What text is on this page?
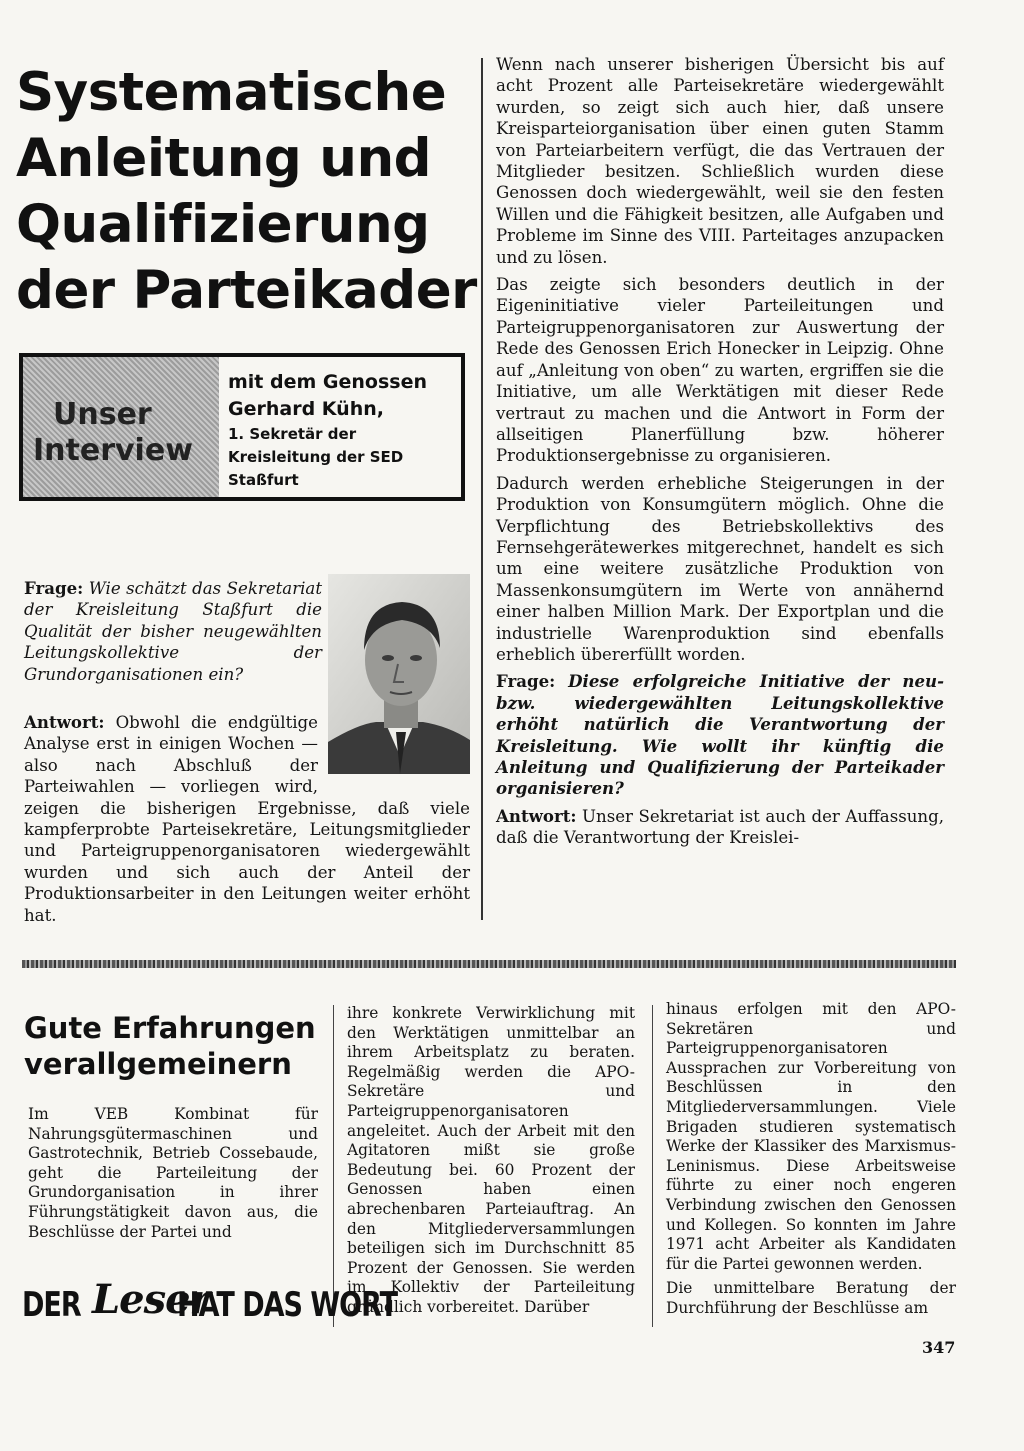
Systematische
Anleitung und
Qualifizierung
der Parteikader
Unser
Interview
mit dem Genossen
Gerhard Kühn,
1. Sekretär der
Kreisleitung der SED
Staßfurt
Frage: Wie schätzt das Sekretariat der Kreisleitung Staßfurt die Qualität der bisher neugewählten Leitungskollektive der Grundorganisationen ein?
Antwort: Obwohl die endgültige Analyse erst in einigen Wochen — also nach Abschluß der Parteiwahlen — vorliegen wird, zeigen die bisherigen Ergebnisse, daß viele kampferprobte Parteisekretäre, Leitungsmitglieder und Parteigruppenorganisatoren wiedergewählt wurden und sich auch der Anteil der Produktionsarbeiter in den Leitungen weiter erhöht hat.

Wenn nach unserer bisherigen Übersicht bis auf acht Prozent alle Parteisekretäre wiedergewählt wurden, so zeigt sich auch hier, daß unsere Kreisparteiorganisation über einen guten Stamm von Parteiarbeitern verfügt, die das Vertrauen der Mitglieder besitzen. Schließlich wurden diese Genossen doch wiedergewählt, weil sie den festen Willen und die Fähigkeit besitzen, alle Aufgaben und Probleme im Sinne des VIII. Parteitages anzupacken und zu lösen.

Das zeigte sich besonders deutlich in der Eigeninitiative vieler Parteileitungen und Parteigruppenorganisatoren zur Auswertung der Rede des Genossen Erich Honecker in Leipzig. Ohne auf „Anleitung von oben“ zu warten, ergriffen sie die Initiative, um alle Werktätigen mit dieser Rede vertraut zu machen und die Antwort in Form der allseitigen Planerfüllung bzw. höherer Produktionsergebnisse zu organisieren.

Dadurch werden erhebliche Steigerungen in der Produktion von Konsumgütern möglich. Ohne die Verpflichtung des Betriebskollektivs des Fernsehgerätewerkes mitgerechnet, handelt es sich um eine weitere zusätzliche Produktion von Massenkonsumgütern im Werte von annähernd einer halben Million Mark. Der Exportplan und die industrielle Warenproduktion sind ebenfalls erheblich übererfüllt worden.

Frage: Diese erfolgreiche Initiative der neu- bzw. wiedergewählten Leitungskollektive erhöht natürlich die Verantwortung der Kreisleitung. Wie wollt ihr künftig die Anleitung und Qualifizierung der Parteikader organisieren?

Antwort: Unser Sekretariat ist auch der Auffassung, daß die Verantwortung der Kreislei-

Gute Erfahrungen
verallgemeinern

Im VEB Kombinat für Nahrungsgütermaschinen und Gastrotechnik, Betrieb Cossebaude, geht die Parteileitung der Grundorganisation in ihrer Führungstätigkeit davon aus, die Beschlüsse der Partei und

ihre konkrete Verwirklichung mit den Werktätigen unmittelbar an ihrem Arbeitsplatz zu beraten. Regelmäßig werden die APO-Sekretäre und Parteigruppenorganisatoren angeleitet. Auch der Arbeit mit den Agitatoren mißt sie große Bedeutung bei. 60 Prozent der Genossen haben einen abrechenbaren Parteiauftrag. An den Mitgliederversammlungen beteiligen sich im Durchschnitt 85 Prozent der Genossen. Sie werden im Kollektiv der Parteileitung gründlich vorbereitet. Darüber

hinaus erfolgen mit den APO-Sekretären und Parteigruppenorganisatoren Aussprachen zur Vorbereitung von Beschlüssen in den Mitgliederversammlungen. Viele Brigaden studieren systematisch Werke der Klassiker des Marxismus-Leninismus. Diese Arbeitsweise führte zu einer noch engeren Verbindung zwischen den Genossen und Kollegen. So konnten im Jahre 1971 acht Arbeiter als Kandidaten für die Partei gewonnen werden.

Die unmittelbare Beratung der Durchführung der Beschlüsse am

DER Leser
HAT DAS WORT
347
